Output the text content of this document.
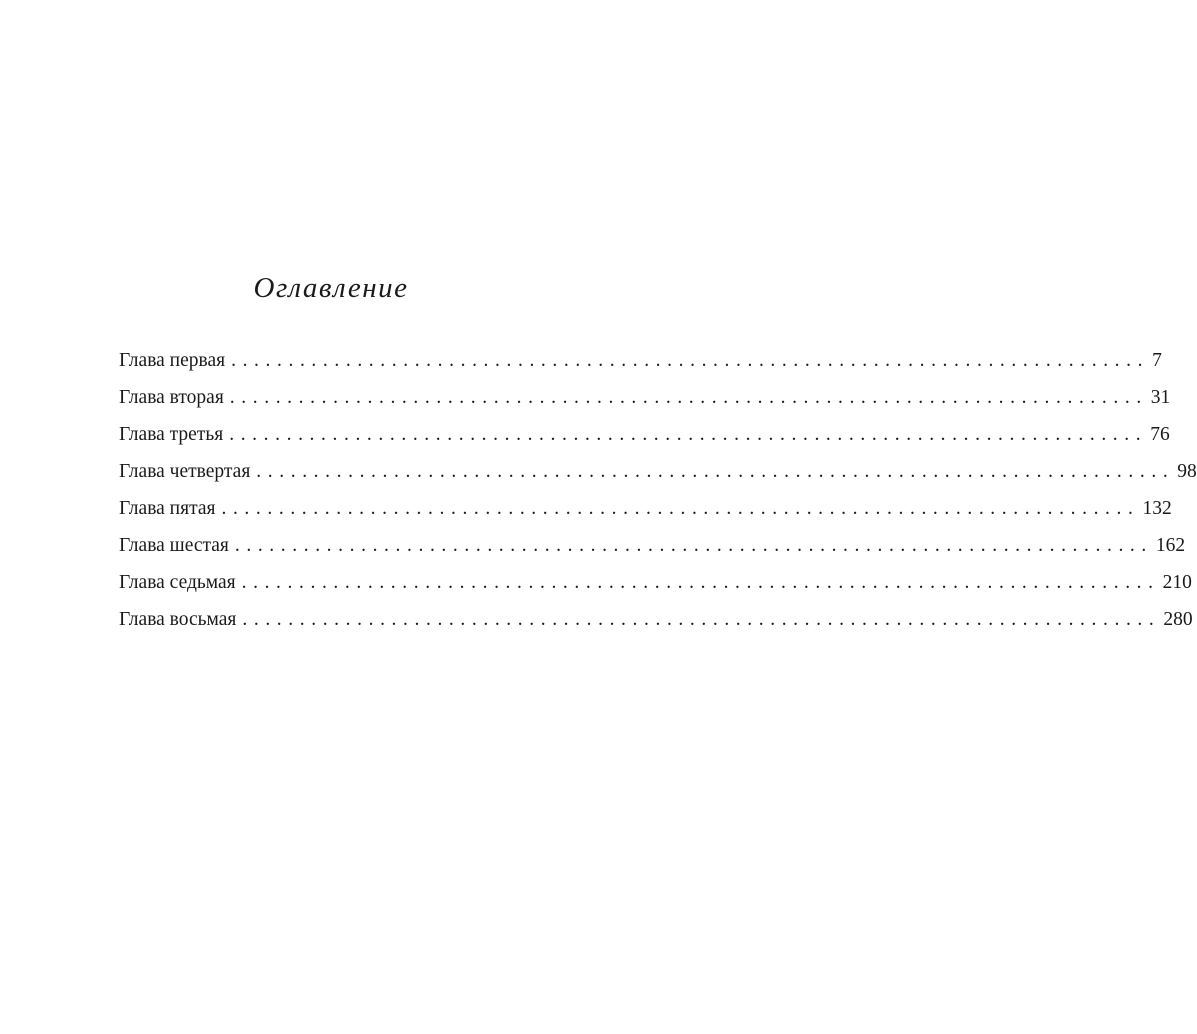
Оглавление
Глава первая ................................................................................ 7
Глава вторая ................................................................................ 31
Глава третья ................................................................................ 76
Глава четвертая ................................................................................ 98
Глава пятая ................................................................................ 132
Глава шестая ................................................................................ 162
Глава седьмая ................................................................................ 210
Глава восьмая ................................................................................ 280
